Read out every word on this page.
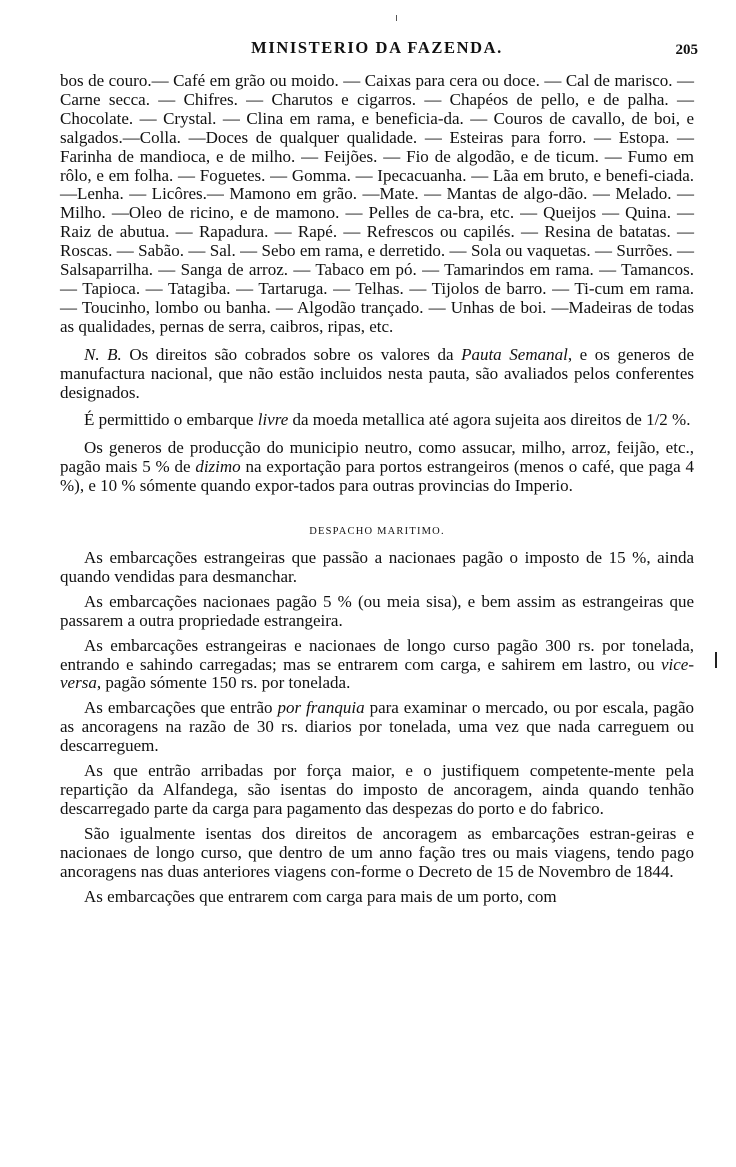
MINISTERIO DA FAZENDA.	205

bos de couro.— Café em grão ou moido. — Caixas para cera ou doce. — Cal de marisco. — Carne secca. — Chifres. — Charutos e cigarros. — Chapéos de pello, e de palha. —Chocolate. — Crystal. — Clina em rama, e beneficia-da. — Couros de cavallo, de boi, e salgados.—Colla. —Doces de qualquer qualidade. — Esteiras para forro. — Estopa. — Farinha de mandioca, e de milho. — Feijões. — Fio de algodão, e de ticum. — Fumo em rôlo, e em folha. — Foguetes. — Gomma. — Ipecacuanha. — Lãa em bruto, e benefi-ciada.—Lenha. — Licôres.— Mamono em grão. —Mate. — Mantas de algo-dão. — Melado. —Milho. —Oleo de ricino, e de mamono. — Pelles de ca-bra, etc. — Queijos — Quina. —Raiz de abutua. — Rapadura. — Rapé. — Refrescos ou capilés. — Resina de batatas. — Roscas. — Sabão. — Sal. — Sebo em rama, e derretido. — Sola ou vaquetas. — Surrões. — Salsaparrilha. — Sanga de arroz. — Tabaco em pó. — Tamarindos em rama. — Tamancos. — Tapioca. — Tatagiba. — Tartaruga. — Telhas. — Tijolos de barro. — Ti-cum em rama. — Toucinho, lombo ou banha. — Algodão trançado. — Unhas de boi. —Madeiras de todas as qualidades, pernas de serra, caibros, ripas, etc.

N. B. Os direitos são cobrados sobre os valores da Pauta Semanal, e os generos de manufactura nacional, que não estão incluidos nesta pauta, são avaliados pelos conferentes designados.

É permittido o embarque livre da moeda metallica até agora sujeita aos direitos de 1/2 %.

Os generos de producção do municipio neutro, como assucar, milho, arroz, feijão, etc., pagão mais 5 % de dizimo na exportação para portos estrangeiros (menos o café, que paga 4 %), e 10 % sómente quando expor-tados para outras provincias do Imperio.

DESPACHO MARITIMO.

As embarcações estrangeiras que passão a nacionaes pagão o imposto de 15 %, ainda quando vendidas para desmanchar.

As embarcações nacionaes pagão 5 % (ou meia sisa), e bem assim as estrangeiras que passarem a outra propriedade estrangeira.

As embarcações estrangeiras e nacionaes de longo curso pagão 300 rs. por tonelada, entrando e sahindo carregadas; mas se entrarem com carga, e sahirem em lastro, ou vice-versa, pagão sómente 150 rs. por tonelada.

As embarcações que entrão por franquia para examinar o mercado, ou por escala, pagão as ancoragens na razão de 30 rs. diarios por tonelada, uma vez que nada carreguem ou descarreguem.

As que entrão arribadas por força maior, e o justifiquem competente-mente pela repartição da Alfandega, são isentas do imposto de ancoragem, ainda quando tenhão descarregado parte da carga para pagamento das despezas do porto e do fabrico.

São igualmente isentas dos direitos de ancoragem as embarcações estran-geiras e nacionaes de longo curso, que dentro de um anno fação tres ou mais viagens, tendo pago ancoragens nas duas anteriores viagens con-forme o Decreto de 15 de Novembro de 1844.

As embarcações que entrarem com carga para mais de um porto, com
